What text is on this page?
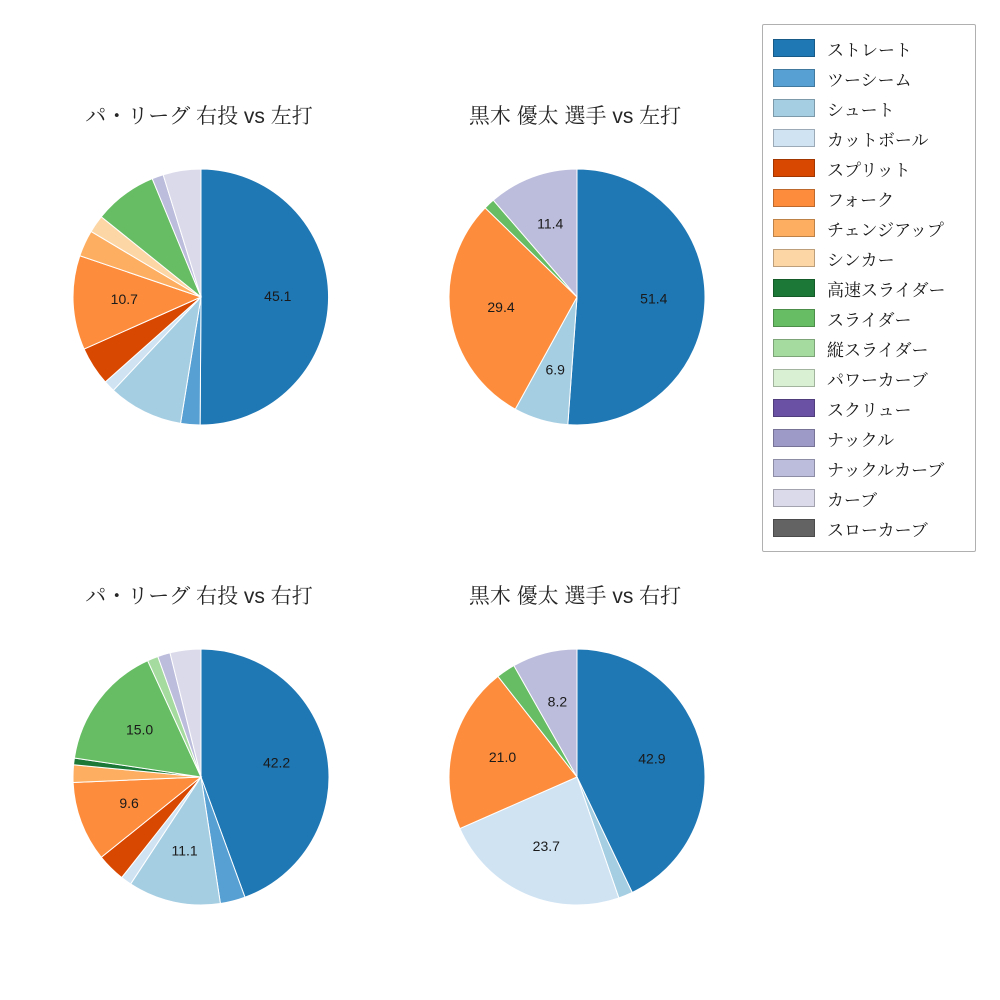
パ・リーグ 右投 vs 左打
45.1
10.7
黒木 優太 選手 vs 左打
51.4
6.9
29.4
11.4
パ・リーグ 右投 vs 右打
42.2
11.1
9.6
15.0
黒木 優太 選手 vs 右打
42.9
23.7
21.0
8.2
ストレート
ツーシーム
シュート
カットボール
スプリット
フォーク
チェンジアップ
シンカー
高速スライダー
スライダー
縦スライダー
パワーカーブ
スクリュー
ナックル
ナックルカーブ
カーブ
スローカーブ
